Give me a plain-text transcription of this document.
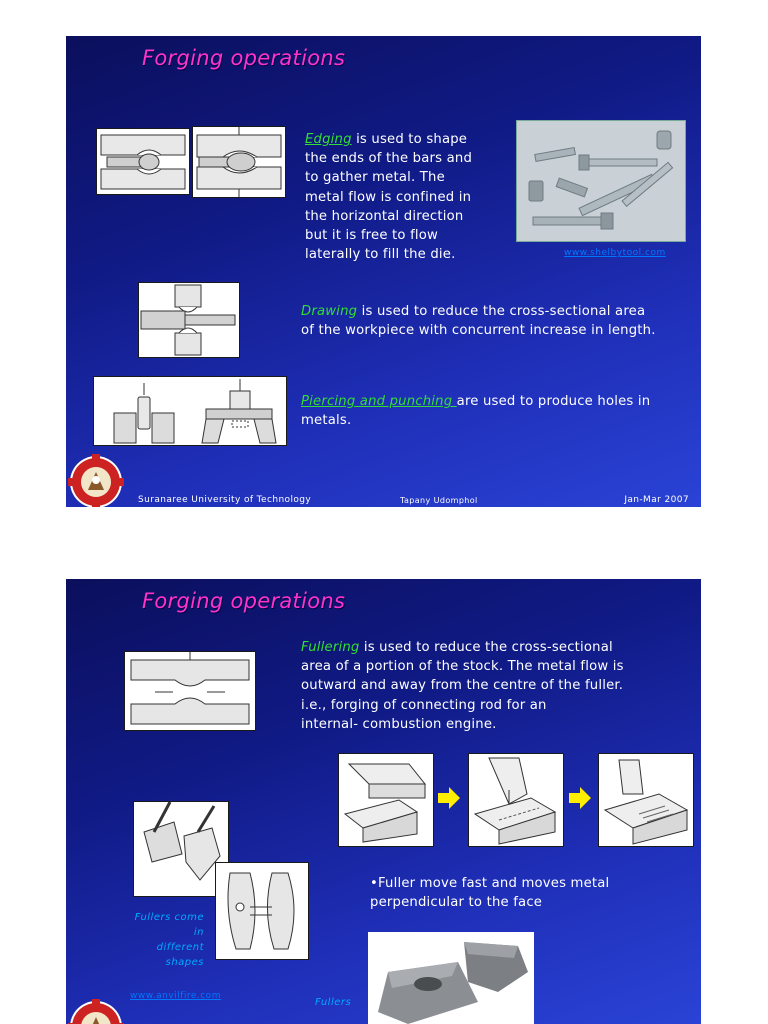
Forging operations
Edging is used to shape
the ends of the bars and
to gather metal. The
metal flow is confined in
the horizontal direction
but it is free to flow
laterally to fill the die.	www.shelbytool.com
Drawing is used to reduce the cross-sectional area
of the workpiece with concurrent increase in length.
Piercing and punching are used to produce holes in
metals.
Suranaree University of Technology	Tapany Udomphol	Jan-Mar 2007
Forging operations
Fullering is used to reduce the cross-sectional
area of a portion of the stock. The metal flow is
outward and away from the centre of the fuller.
i.e., forging of connecting rod for an
internal- combustion engine.
•Fuller move fast and moves metal
perpendicular to the face
Fullers come
in
different
shapes
Fullers
www.anvilfire.com
